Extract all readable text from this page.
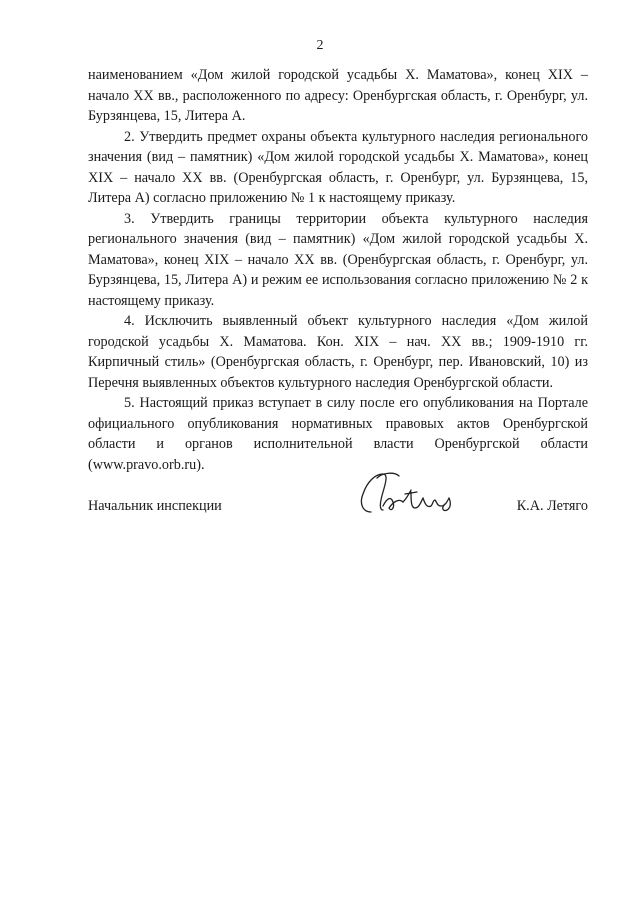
2

наименованием «Дом жилой городской усадьбы Х. Маматова», конец XIX – начало XX вв., расположенного по адресу: Оренбургская область, г. Оренбург, ул. Бурзянцева, 15, Литера А.

2. Утвердить предмет охраны объекта культурного наследия регионального значения (вид – памятник) «Дом жилой городской усадьбы Х. Маматова», конец XIX – начало XX вв. (Оренбургская область, г. Оренбург, ул. Бурзянцева, 15, Литера А) согласно приложению № 1 к настоящему приказу.

3. Утвердить границы территории объекта культурного наследия регионального значения (вид – памятник) «Дом жилой городской усадьбы Х. Маматова», конец XIX – начало XX вв. (Оренбургская область, г. Оренбург, ул. Бурзянцева, 15, Литера А) и режим ее использования согласно приложению № 2 к настоящему приказу.

4. Исключить выявленный объект культурного наследия «Дом жилой городской усадьбы Х. Маматова. Кон. XIX – нач. XX вв.; 1909-1910 гг. Кирпичный стиль» (Оренбургская область, г. Оренбург, пер. Ивановский, 10) из Перечня выявленных объектов культурного наследия Оренбургской области.

5. Настоящий приказ вступает в силу после его опубликования на Портале официального опубликования нормативных правовых актов Оренбургской области и органов исполнительной власти Оренбургской области (www.pravo.orb.ru).

Начальник инспекции	К.А. Летяго
